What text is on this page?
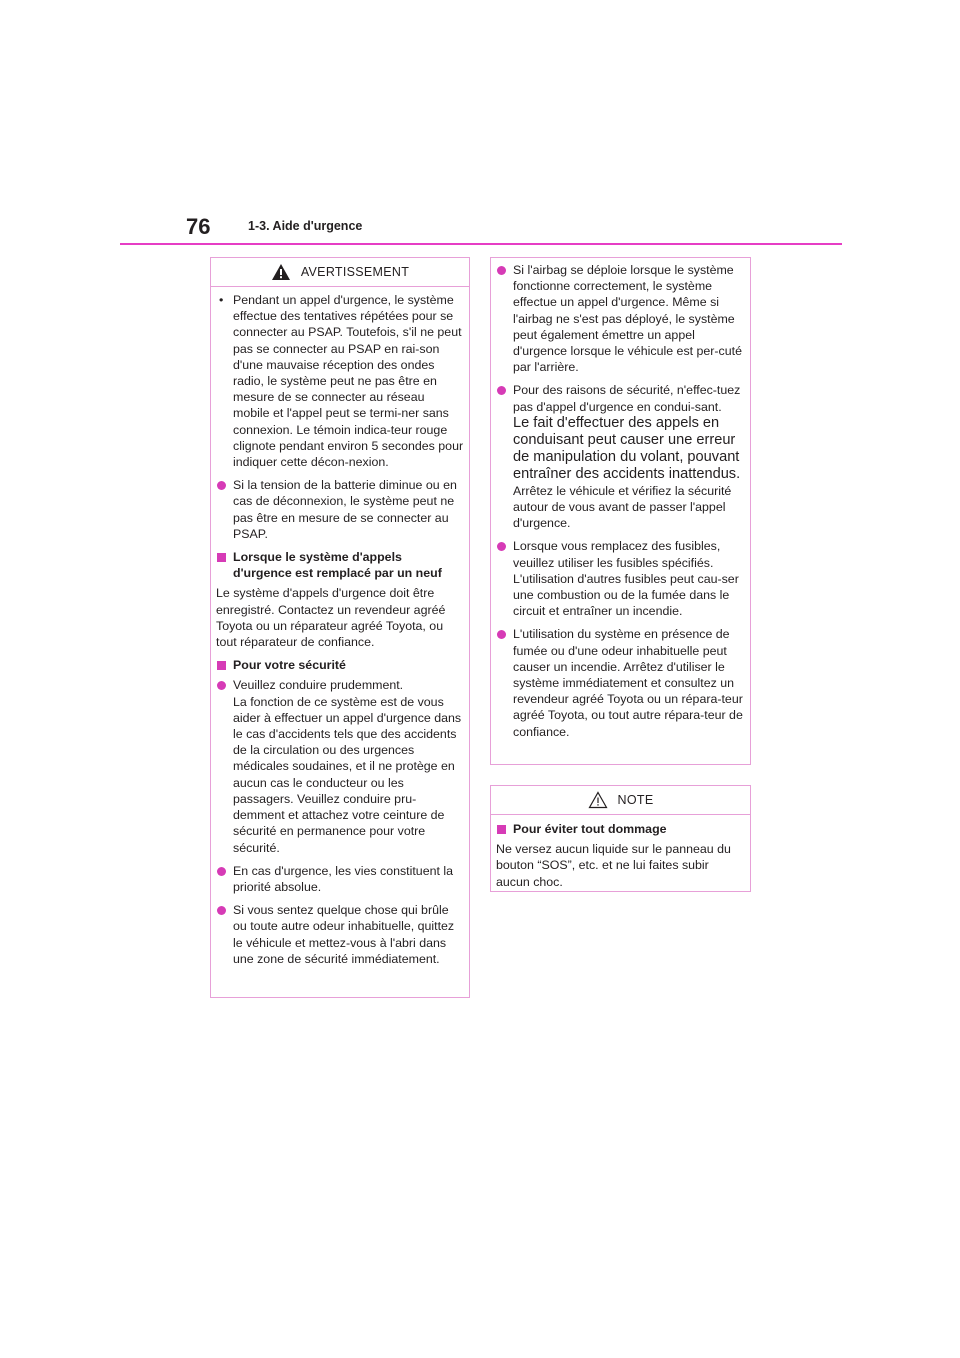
76	1-3. Aide d'urgence
AVERTISSEMENT
• Pendant un appel d'urgence, le système effectue des tentatives répétées pour se connecter au PSAP. Toutefois, s'il ne peut pas se connecter au PSAP en rai-son d'une mauvaise réception des ondes radio, le système peut ne pas être en mesure de se connecter au réseau mobile et l'appel peut se termi-ner sans connexion. Le témoin indica-teur rouge clignote pendant environ 5 secondes pour indiquer cette décon-nexion.

Si la tension de la batterie diminue ou en cas de déconnexion, le système peut ne pas être en mesure de se connecter au PSAP.

Lorsque le système d'appels d'urgence est remplacé par un neuf

Le système d'appels d'urgence doit être enregistré. Contactez un revendeur agréé Toyota ou un réparateur agréé Toyota, ou tout réparateur de confiance.

Pour votre sécurité

Veuillez conduire prudemment.

La fonction de ce système est de vous aider à effectuer un appel d'urgence dans le cas d'accidents tels que des accidents de la circulation ou des urgences médicales soudaines, et il ne protège en aucun cas le conducteur ou les passagers. Veuillez conduire pru-demment et attachez votre ceinture de sécurité en permanence pour votre sécurité.

En cas d'urgence, les vies constituent la priorité absolue.

Si vous sentez quelque chose qui brûle ou toute autre odeur inhabituelle, quittez le véhicule et mettez-vous à l'abri dans une zone de sécurité immédiatement.

Si l'airbag se déploie lorsque le système fonctionne correctement, le système effectue un appel d'urgence. Même si l'airbag ne s'est pas déployé, le système peut également émettre un appel d'urgence lorsque le véhicule est per-cuté par l'arrière.

Pour des raisons de sécurité, n'effec-tuez pas d'appel d'urgence en condui-sant.

Le fait d'effectuer des appels en conduisant peut causer une erreur de manipulation du volant, pouvant entraîner des accidents inattendus.

Arrêtez le véhicule et vérifiez la sécurité autour de vous avant de passer l'appel d'urgence.

Lorsque vous remplacez des fusibles, veuillez utiliser les fusibles spécifiés. L'utilisation d'autres fusibles peut cau-ser une combustion ou de la fumée dans le circuit et entraîner un incendie.

L'utilisation du système en présence de fumée ou d'une odeur inhabituelle peut causer un incendie. Arrêtez d'utiliser le système immédiatement et consultez un revendeur agréé Toyota ou un répara-teur agréé Toyota, ou tout autre répara-teur de confiance.

NOTE

Pour éviter tout dommage

Ne versez aucun liquide sur le panneau du bouton “SOS”, etc. et ne lui faites subir aucun choc.
